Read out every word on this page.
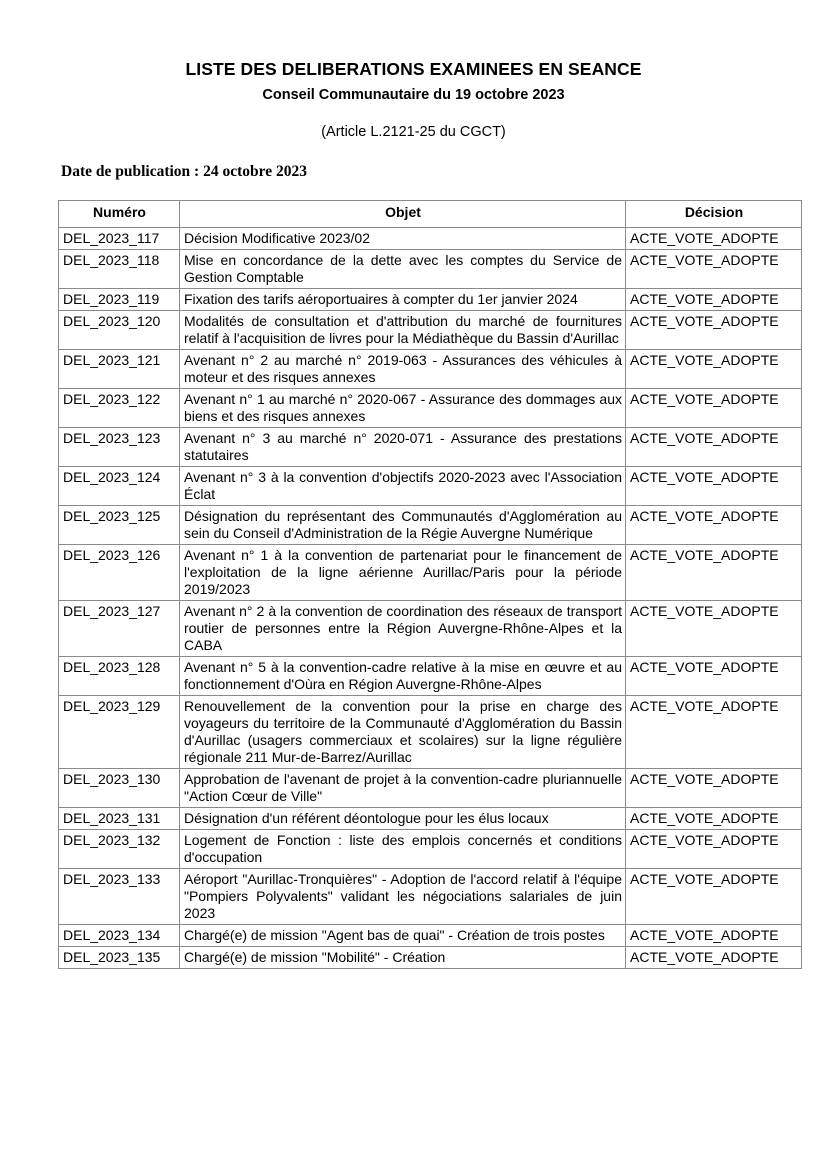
LISTE DES DELIBERATIONS EXAMINEES EN SEANCE
Conseil Communautaire du 19 octobre 2023
(Article L.2121-25 du CGCT)
Date de publication : 24 octobre 2023
Numéro	Objet	Décision
DEL_2023_117	Décision Modificative 2023/02	ACTE_VOTE_ADOPTE
DEL_2023_118	Mise en concordance de la dette avec les comptes du Service de Gestion Comptable	ACTE_VOTE_ADOPTE
DEL_2023_119	Fixation des tarifs aéroportuaires à compter du 1er janvier 2024	ACTE_VOTE_ADOPTE
DEL_2023_120	Modalités de consultation et d'attribution du marché de fournitures relatif à l'acquisition de livres pour la Médiathèque du Bassin d'Aurillac	ACTE_VOTE_ADOPTE
DEL_2023_121	Avenant n° 2 au marché n° 2019-063 - Assurances des véhicules à moteur et des risques annexes	ACTE_VOTE_ADOPTE
DEL_2023_122	Avenant n° 1 au marché n° 2020-067 - Assurance des dommages aux biens et des risques annexes	ACTE_VOTE_ADOPTE
DEL_2023_123	Avenant n° 3 au marché n° 2020-071 - Assurance des prestations statutaires	ACTE_VOTE_ADOPTE
DEL_2023_124	Avenant n° 3 à la convention d'objectifs 2020-2023 avec l'Association Éclat	ACTE_VOTE_ADOPTE
DEL_2023_125	Désignation du représentant des Communautés d'Agglomération au sein du Conseil d'Administration de la Régie Auvergne Numérique	ACTE_VOTE_ADOPTE
DEL_2023_126	Avenant n° 1 à la convention de partenariat pour le financement de l'exploitation de la ligne aérienne Aurillac/Paris pour la période 2019/2023	ACTE_VOTE_ADOPTE
DEL_2023_127	Avenant n° 2 à la convention de coordination des réseaux de transport routier de personnes entre la Région Auvergne-Rhône-Alpes et la CABA	ACTE_VOTE_ADOPTE
DEL_2023_128	Avenant n° 5 à la convention-cadre relative à la mise en œuvre et au fonctionnement d'Oùra en Région Auvergne-Rhône-Alpes	ACTE_VOTE_ADOPTE
DEL_2023_129	Renouvellement de la convention pour la prise en charge des voyageurs du territoire de la Communauté d'Agglomération du Bassin d'Aurillac (usagers commerciaux et scolaires) sur la ligne régulière régionale 211 Mur-de-Barrez/Aurillac	ACTE_VOTE_ADOPTE
DEL_2023_130	Approbation de l'avenant de projet à la convention-cadre pluriannuelle "Action Cœur de Ville"	ACTE_VOTE_ADOPTE
DEL_2023_131	Désignation d'un référent déontologue pour les élus locaux	ACTE_VOTE_ADOPTE
DEL_2023_132	Logement de Fonction : liste des emplois concernés et conditions d'occupation	ACTE_VOTE_ADOPTE
DEL_2023_133	Aéroport "Aurillac-Tronquières" - Adoption de l'accord relatif à l'équipe "Pompiers Polyvalents" validant les négociations salariales de juin 2023	ACTE_VOTE_ADOPTE
DEL_2023_134	Chargé(e) de mission "Agent bas de quai" - Création de trois postes	ACTE_VOTE_ADOPTE
DEL_2023_135	Chargé(e) de mission "Mobilité" - Création	ACTE_VOTE_ADOPTE
